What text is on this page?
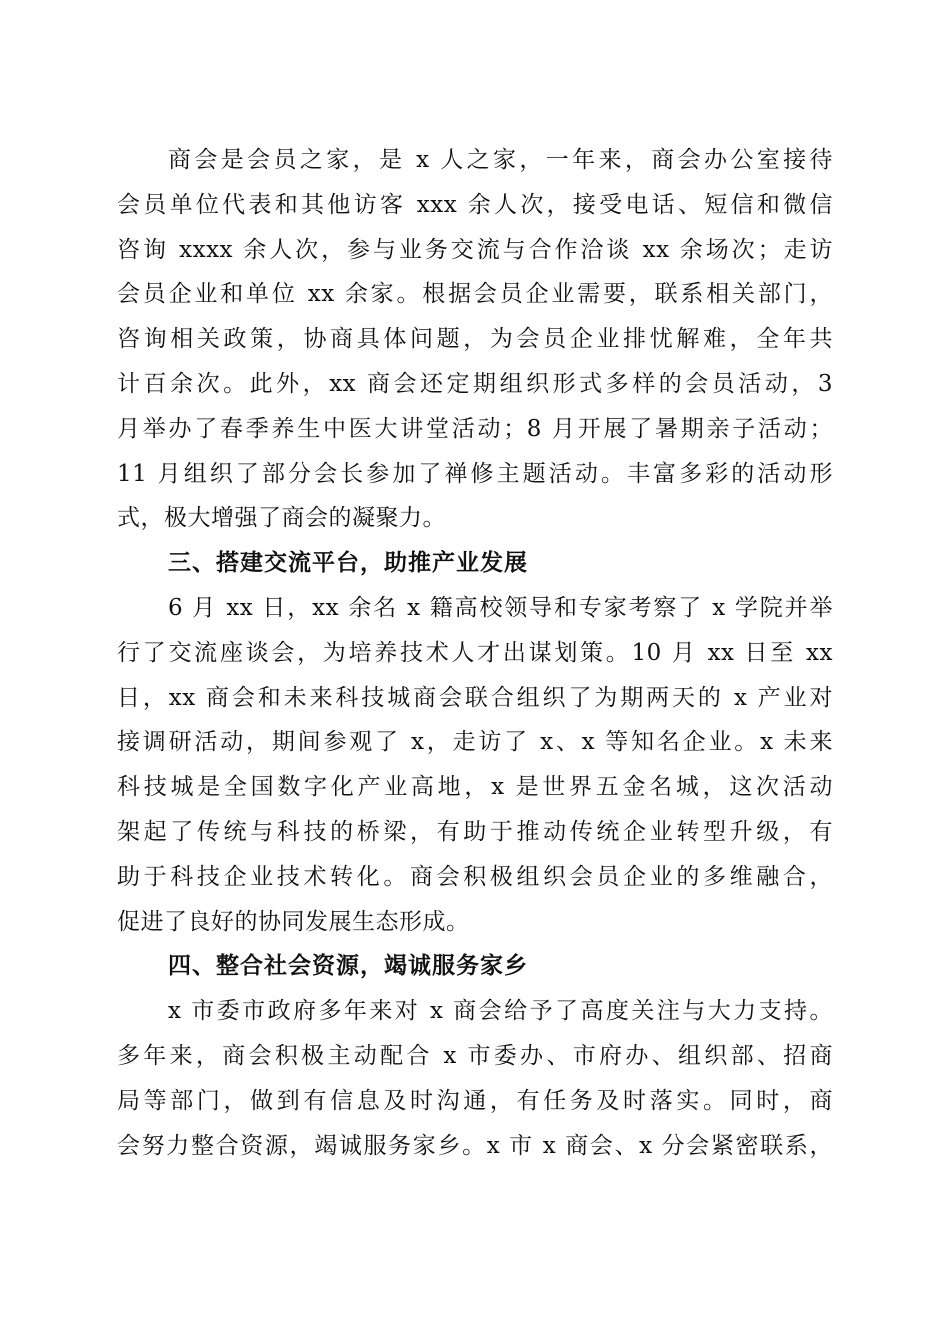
商会是会员之家，是 x 人之家，一年来，商会办公室接待
会员单位代表和其他访客 xxx 余人次，接受电话、短信和微信
咨询 xxxx 余人次，参与业务交流与合作洽谈 xx 余场次；走访
会员企业和单位 xx 余家。根据会员企业需要，联系相关部门，
咨询相关政策，协商具体问题，为会员企业排忧解难，全年共
计百余次。此外，xx 商会还定期组织形式多样的会员活动，3
月举办了春季养生中医大讲堂活动；8 月开展了暑期亲子活动；
11 月组织了部分会长参加了禅修主题活动。丰富多彩的活动形
式，极大增强了商会的凝聚力。
三、搭建交流平台，助推产业发展
6 月 xx 日，xx 余名 x 籍高校领导和专家考察了 x 学院并举
行了交流座谈会，为培养技术人才出谋划策。10 月 xx 日至 xx
日，xx 商会和未来科技城商会联合组织了为期两天的 x 产业对
接调研活动，期间参观了 x，走访了 x、x 等知名企业。x 未来
科技城是全国数字化产业高地，x 是世界五金名城，这次活动
架起了传统与科技的桥梁，有助于推动传统企业转型升级，有
助于科技企业技术转化。商会积极组织会员企业的多维融合，
促进了良好的协同发展生态形成。
四、整合社会资源，竭诚服务家乡
x 市委市政府多年来对 x 商会给予了高度关注与大力支持。
多年来，商会积极主动配合 x 市委办、市府办、组织部、招商
局等部门，做到有信息及时沟通，有任务及时落实。同时，商
会努力整合资源，竭诚服务家乡。x 市 x 商会、x 分会紧密联系，
